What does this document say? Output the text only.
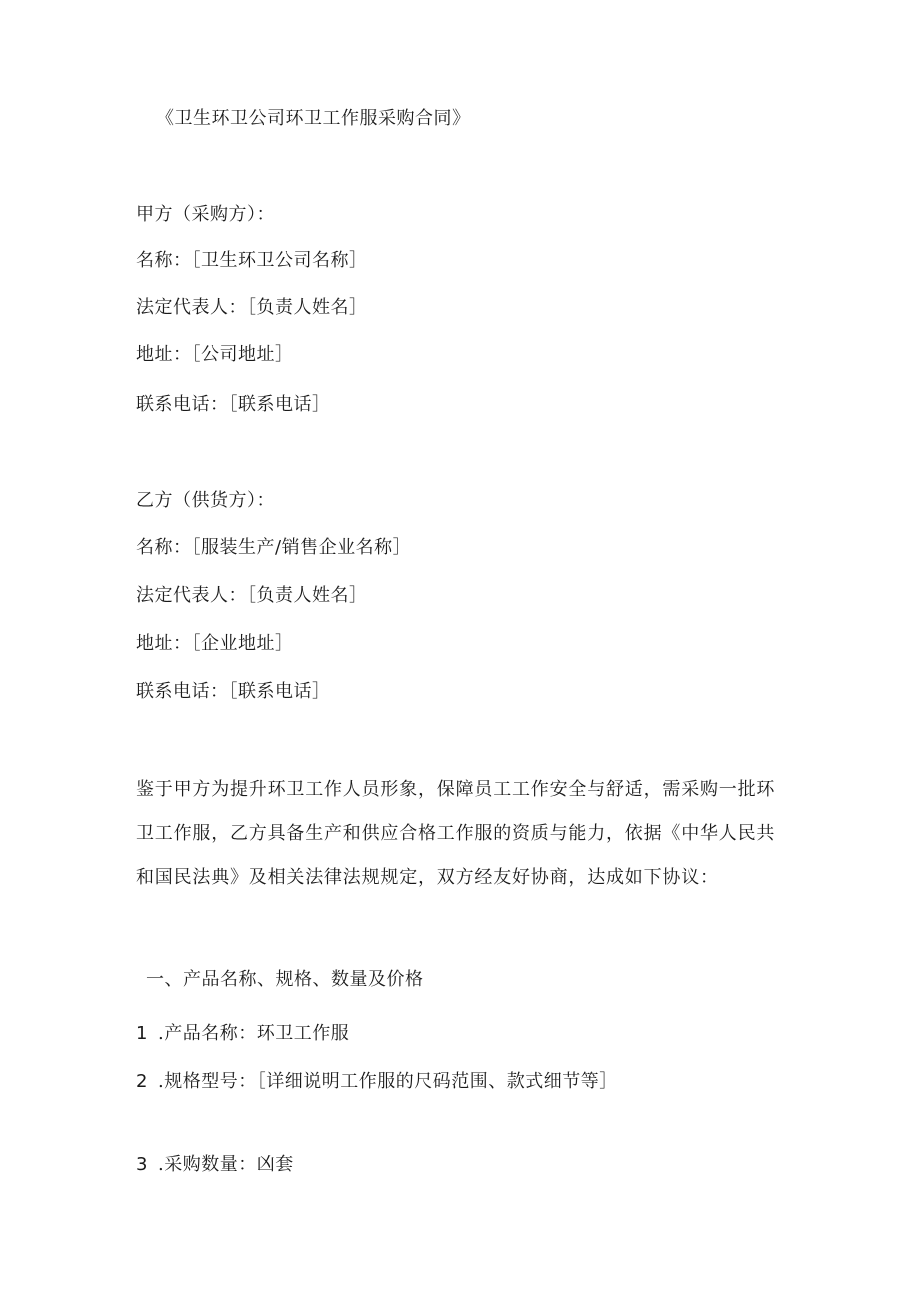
《卫生环卫公司环卫工作服采购合同》
甲方（采购方）：
名称：［卫生环卫公司名称］
法定代表人：［负责人姓名］
地址：［公司地址］
联系电话：［联系电话］
乙方（供货方）：
名称：［服装生产/销售企业名称］
法定代表人：［负责人姓名］
地址：［企业地址］
联系电话：［联系电话］
鉴于甲方为提升环卫工作人员形象，保障员工工作安全与舒适，需采购一批环卫工作服，乙方具备生产和供应合格工作服的资质与能力，依据《中华人民共和国民法典》及相关法律法规规定，双方经友好协商，达成如下协议：
一、产品名称、规格、数量及价格
1 .产品名称：环卫工作服
2 .规格型号：［详细说明工作服的尺码范围、款式细节等］
3 .采购数量：凶套
